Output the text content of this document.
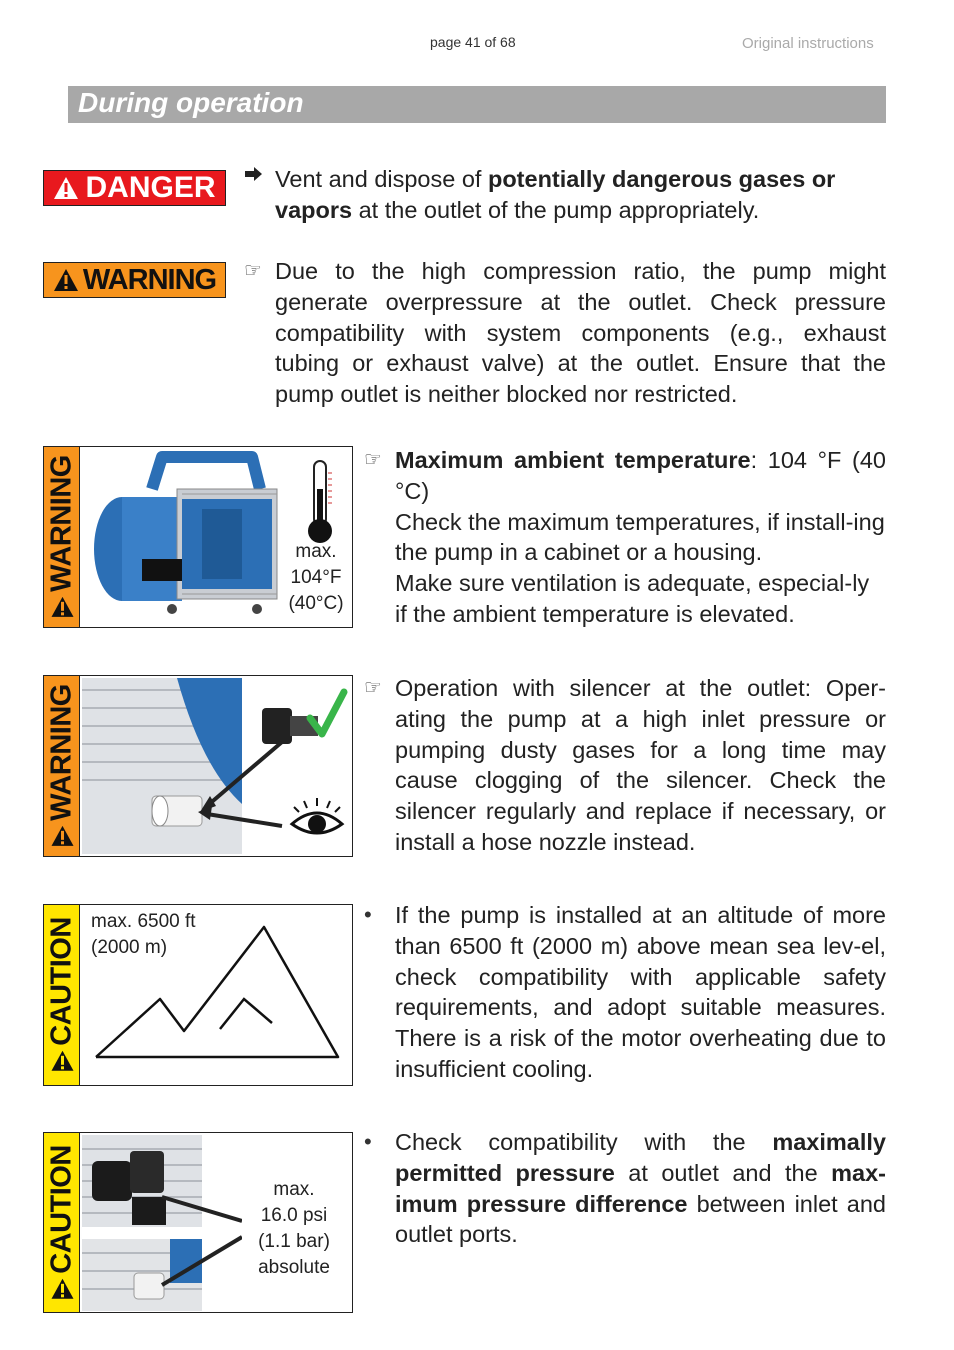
page 41 of 68	Original instructions
During operation
DANGER	Vent and dispose of potentially dangerous gases or vapors at the outlet of the pump appropriately.
WARNING ☞ Due to the high compression ratio, the pump might generate overpressure at the outlet. Check pressure compatibility with system components (e.g., exhaust tubing or exhaust valve) at the outlet. Ensure that the pump outlet is neither blocked nor restricted.
WARNING	max.
104°F
(40°C)
☞ Maximum ambient temperature: 104 °F (40 °C)
Check the maximum temperatures, if install-ing the pump in a cabinet or a housing.
Make sure ventilation is adequate, especial-ly if the ambient temperature is elevated.
WARNING	☞ Operation with silencer at the outlet: Oper-ating the pump at a high inlet pressure or pumping dusty gases for a long time may cause clogging of the silencer. Check the silencer regularly and replace if necessary, or install a hose nozzle instead.
CAUTION max. 6500 ft
(2000 m)
• If the pump is installed at an altitude of more than 6500 ft (2000 m) above mean sea lev-el, check compatibility with applicable safety requirements, and adopt suitable measures. There is a risk of the motor overheating due to insufficient cooling.
CAUTION	max.
16.0 psi
(1.1 bar)
absolute
• Check compatibility with the maximally permitted pressure at outlet and the max-imum pressure difference between inlet and outlet ports.
